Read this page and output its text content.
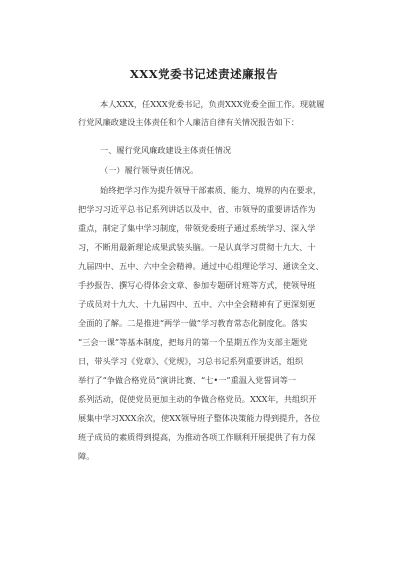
XXX党委书记述责述廉报告
本人XXX，任XXX党委书记，负责XXX党委全面工作。现就履
行党风廉政建设主体责任和个人廉洁自律有关情况报告如下：
一、履行党风廉政建设主体责任情况
（一）履行领导责任情况。
始终把学习作为提升领导干部素质、能力、境界的内在要求，
把学习习近平总书记系列讲话以及中、省、市领导的重要讲话作为
重点，制定了集中学习制度，带领党委班子通过系统学习、深入学
习，不断用最新理论成果武装头脑。一是认真学习贯彻十九大、十
九届四中、五中、六中全会精神。通过中心组理论学习、通读全文、
手抄报告、撰写心得体会文章、参加专题研讨班等方式，使领导班
子成员对十九大、十九届四中、五中、六中全会精神有了更深刻更
全面的了解。二是推进“两学一做”学习教育常态化制度化。落实
“三会一课”等基本制度，把每月的第一个星期五作为支部主题党
日，带头学习《党章》、《党规》，习总书记系列重要讲话，组织
举行了“争做合格党员”演讲比赛、“七•一”重温入党誓词等一
系列活动，促使党员更加主动的争做合格党员。XXX年，共组织开
展集中学习XXX余次，使XX领导班子整体决策能力得到提升，各位
班子成员的素质得到提高，为推动各项工作顺利开展提供了有力保
障。
